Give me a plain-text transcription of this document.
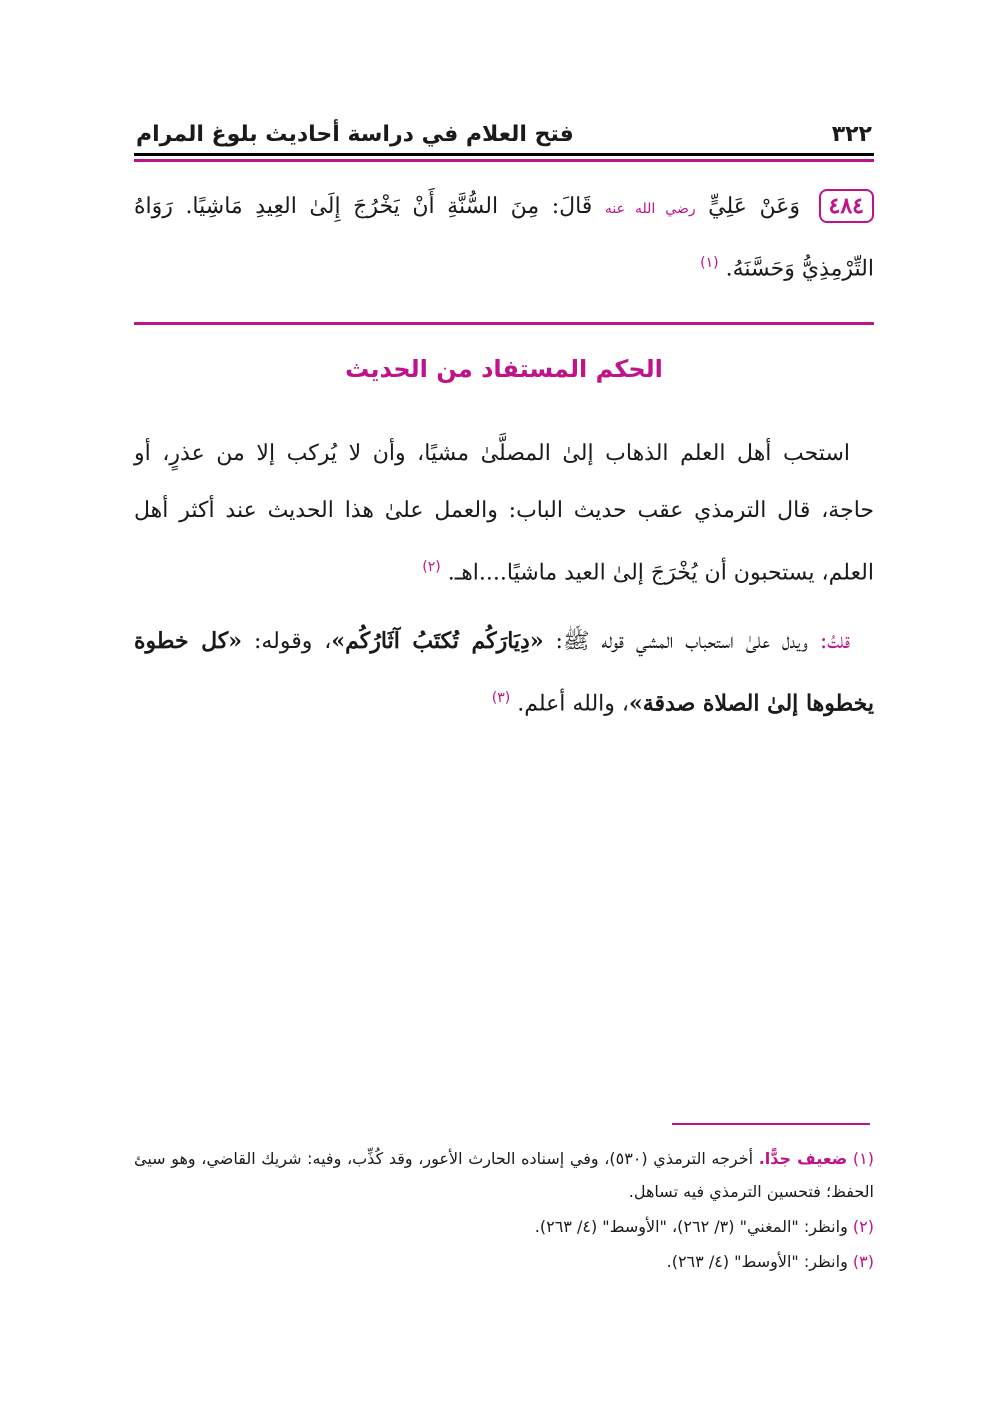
٣٢٢
فتح العلام في دراسة أحاديث بلوغ المرام
٤٨٤ وَعَنْ عَلِيٍّ رضي الله عنه قَالَ: مِنَ السُّنَّةِ أَنْ يَخْرُجَ إِلَىٰ العِيدِ مَاشِيًا. رَوَاهُ التِّرْمِذِيُّ وَحَسَّنَهُ. $^{(١)}$
الحكم المستفاد من الحديث

استحب أهل العلم الذهاب إلىٰ المصلَّىٰ مشيًا، وأن لا يُركب إلا من عذرٍ، أو حاجة، قال الترمذي عقب حديث الباب: والعمل علىٰ هذا الحديث عند أكثر أهل العلم، يستحبون أن يُخْرَجَ إلىٰ العيد ماشيًا....اهـ. $^{(٢)}$

قلتُ: ويدل علىٰ استحباب المشي قوله ﷺ: «دِيَارَكُم تُكتَبُ آثَارُكُم»، وقوله: «كل خطوة يخطوها إلىٰ الصلاة صدقة»، والله أعلم. $^{(٣)}$

(١) ضعيف جدًّا. أخرجه الترمذي (٥٣٠)، وفي إسناده الحارث الأعور، وقد كُذِّب، وفيه: شريك القاضي، وهو سيئ الحفظ؛ فتحسين الترمذي فيه تساهل.
(٢) وانظر: "المغني" (٣/ ٢٦٢)، "الأوسط" (٤/ ٢٦٣).
(٣) وانظر: "الأوسط" (٤/ ٢٦٣).
